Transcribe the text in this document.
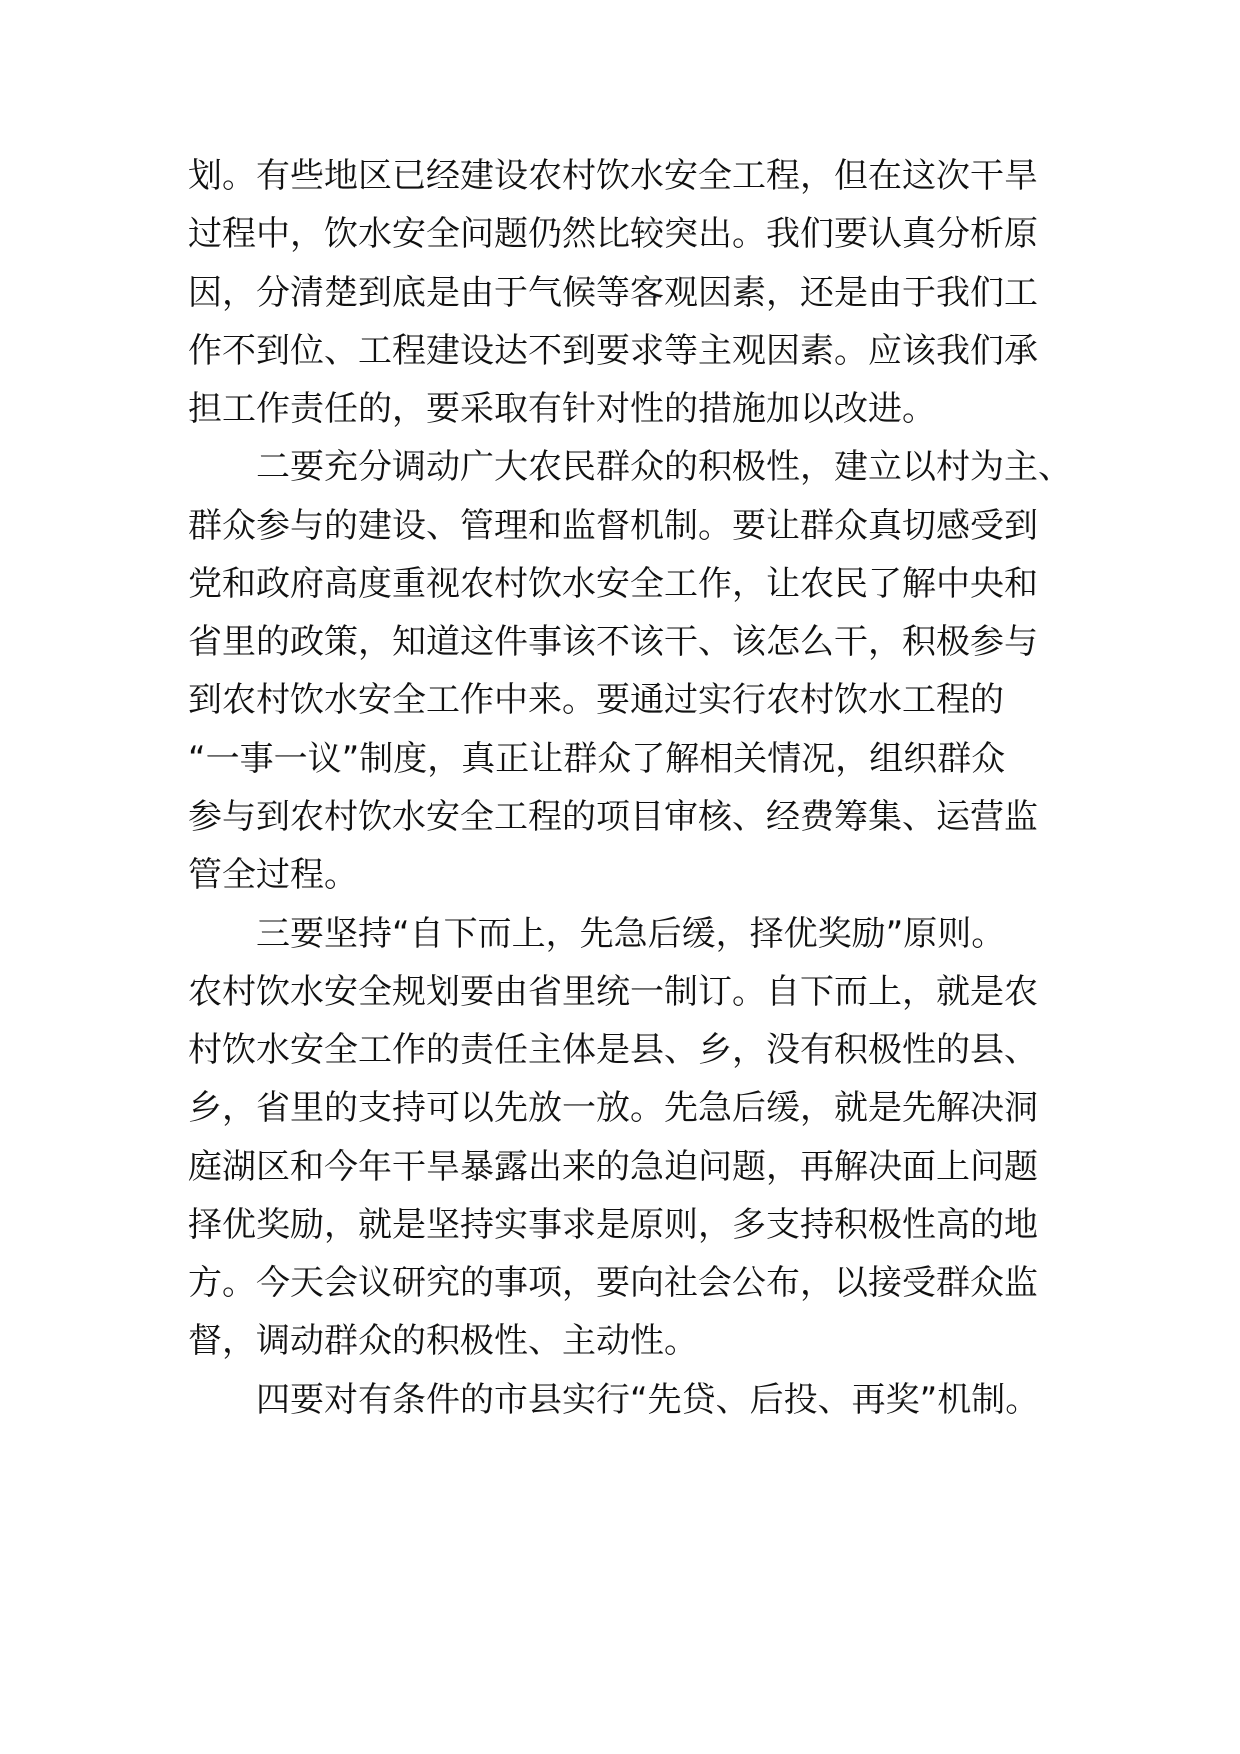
划。有些地区已经建设农村饮水安全工程，但在这次干旱
过程中，饮水安全问题仍然比较突出。我们要认真分析原
因，分清楚到底是由于气候等客观因素，还是由于我们工
作不到位、工程建设达不到要求等主观因素。应该我们承
担工作责任的，要采取有针对性的措施加以改进。
二要充分调动广大农民群众的积极性，建立以村为主、
群众参与的建设、管理和监督机制。要让群众真切感受到
党和政府高度重视农村饮水安全工作，让农民了解中央和
省里的政策，知道这件事该不该干、该怎么干，积极参与
到农村饮水安全工作中来。要通过实行农村饮水工程的
“一事一议”制度，真正让群众了解相关情况，组织群众
参与到农村饮水安全工程的项目审核、经费筹集、运营监
管全过程。
三要坚持“自下而上，先急后缓，择优奖励”原则。
农村饮水安全规划要由省里统一制订。自下而上，就是农
村饮水安全工作的责任主体是县、乡，没有积极性的县、
乡，省里的支持可以先放一放。先急后缓，就是先解决洞
庭湖区和今年干旱暴露出来的急迫问题，再解决面上问题
择优奖励，就是坚持实事求是原则，多支持积极性高的地
方。今天会议研究的事项，要向社会公布，以接受群众监
督，调动群众的积极性、主动性。
四要对有条件的市县实行“先贷、后投、再奖”机制。
